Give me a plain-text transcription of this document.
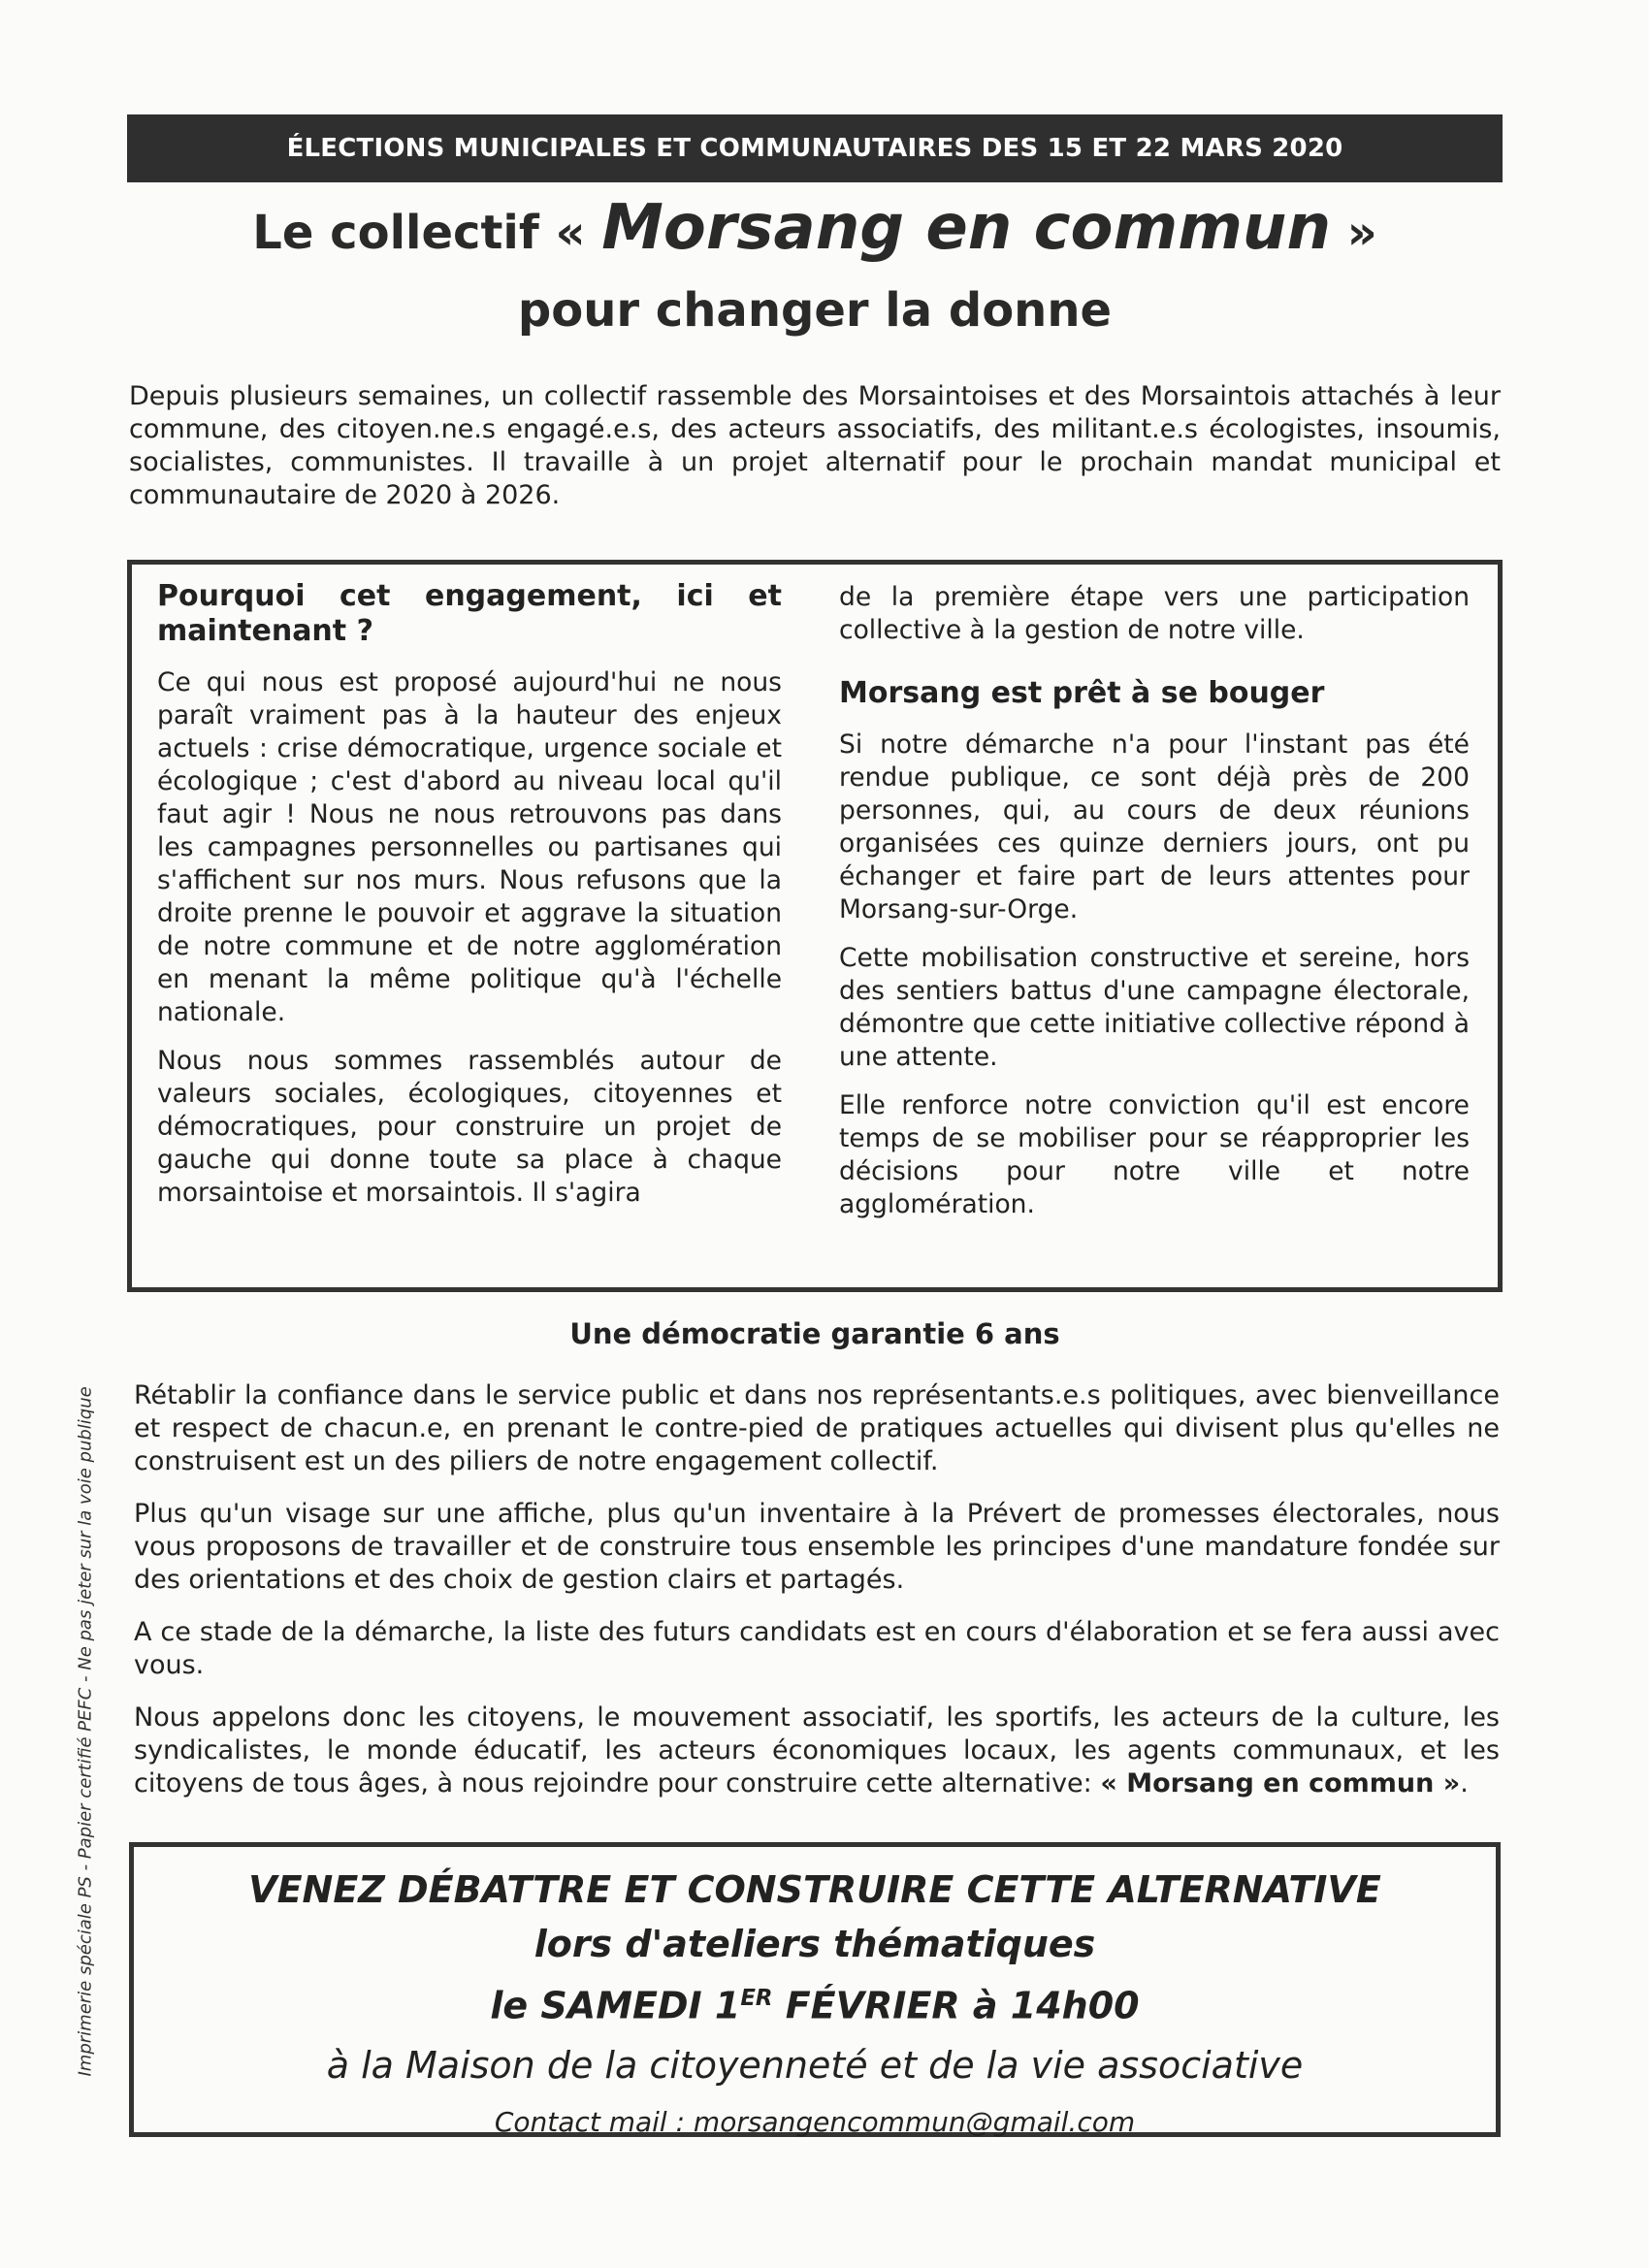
ÉLECTIONS MUNICIPALES ET COMMUNAUTAIRES DES 15 ET 22 MARS 2020
Le collectif « Morsang en commun »
pour changer la donne

Depuis plusieurs semaines, un collectif rassemble des Morsaintoises et des Morsaintois attachés à leur commune, des citoyen.ne.s engagé.e.s, des acteurs associatifs, des militant.e.s écologistes, insoumis, socialistes, communistes. Il travaille à un projet alternatif pour le prochain mandat municipal et communautaire de 2020 à 2026.

Pourquoi cet engagement, ici et maintenant ?

Ce qui nous est proposé aujourd'hui ne nous paraît vraiment pas à la hauteur des enjeux actuels : crise démocratique, urgence sociale et écologique ; c'est d'abord au niveau local qu'il faut agir ! Nous ne nous retrouvons pas dans les campagnes personnelles ou partisanes qui s'affichent sur nos murs. Nous refusons que la droite prenne le pouvoir et aggrave la situation de notre commune et de notre agglomération en menant la même politique qu'à l'échelle nationale.

Nous nous sommes rassemblés autour de valeurs sociales, écologiques, citoyennes et démocratiques, pour construire un projet de gauche qui donne toute sa place à chaque morsaintoise et morsaintois. Il s'agira

de la première étape vers une participation collective à la gestion de notre ville.

Morsang est prêt à se bouger

Si notre démarche n'a pour l'instant pas été rendue publique, ce sont déjà près de 200 personnes, qui, au cours de deux réunions organisées ces quinze derniers jours, ont pu échanger et faire part de leurs attentes pour Morsang-sur-Orge.

Cette mobilisation constructive et sereine, hors des sentiers battus d'une campagne électorale, démontre que cette initiative collective répond à une attente.

Elle renforce notre conviction qu'il est encore temps de se mobiliser pour se réapproprier les décisions pour notre ville et notre agglomération.

Une démocratie garantie 6 ans

Rétablir la confiance dans le service public et dans nos représentants.e.s politiques, avec bienveillance et respect de chacun.e, en prenant le contre-pied de pratiques actuelles qui divisent plus qu'elles ne construisent est un des piliers de notre engagement collectif.

Plus qu'un visage sur une affiche, plus qu'un inventaire à la Prévert de promesses électorales, nous vous proposons de travailler et de construire tous ensemble les principes d'une mandature fondée sur des orientations et des choix de gestion clairs et partagés.

A ce stade de la démarche, la liste des futurs candidats est en cours d'élaboration et se fera aussi avec vous.

Nous appelons donc les citoyens, le mouvement associatif, les sportifs, les acteurs de la culture, les syndicalistes, le monde éducatif, les acteurs économiques locaux, les agents communaux, et les citoyens de tous âges, à nous rejoindre pour construire cette alternative: « Morsang en commun ».

Imprimerie spéciale PS - Papier certifié PEFC - Ne pas jeter sur la voie publique	VENEZ DÉBATTRE ET CONSTRUIRE CETTE ALTERNATIVE
lors d'ateliers thématiques
le SAMEDI 1ER FÉVRIER à 14h00
à la Maison de la citoyenneté et de la vie associative
Contact mail : morsangencommun@gmail.com
